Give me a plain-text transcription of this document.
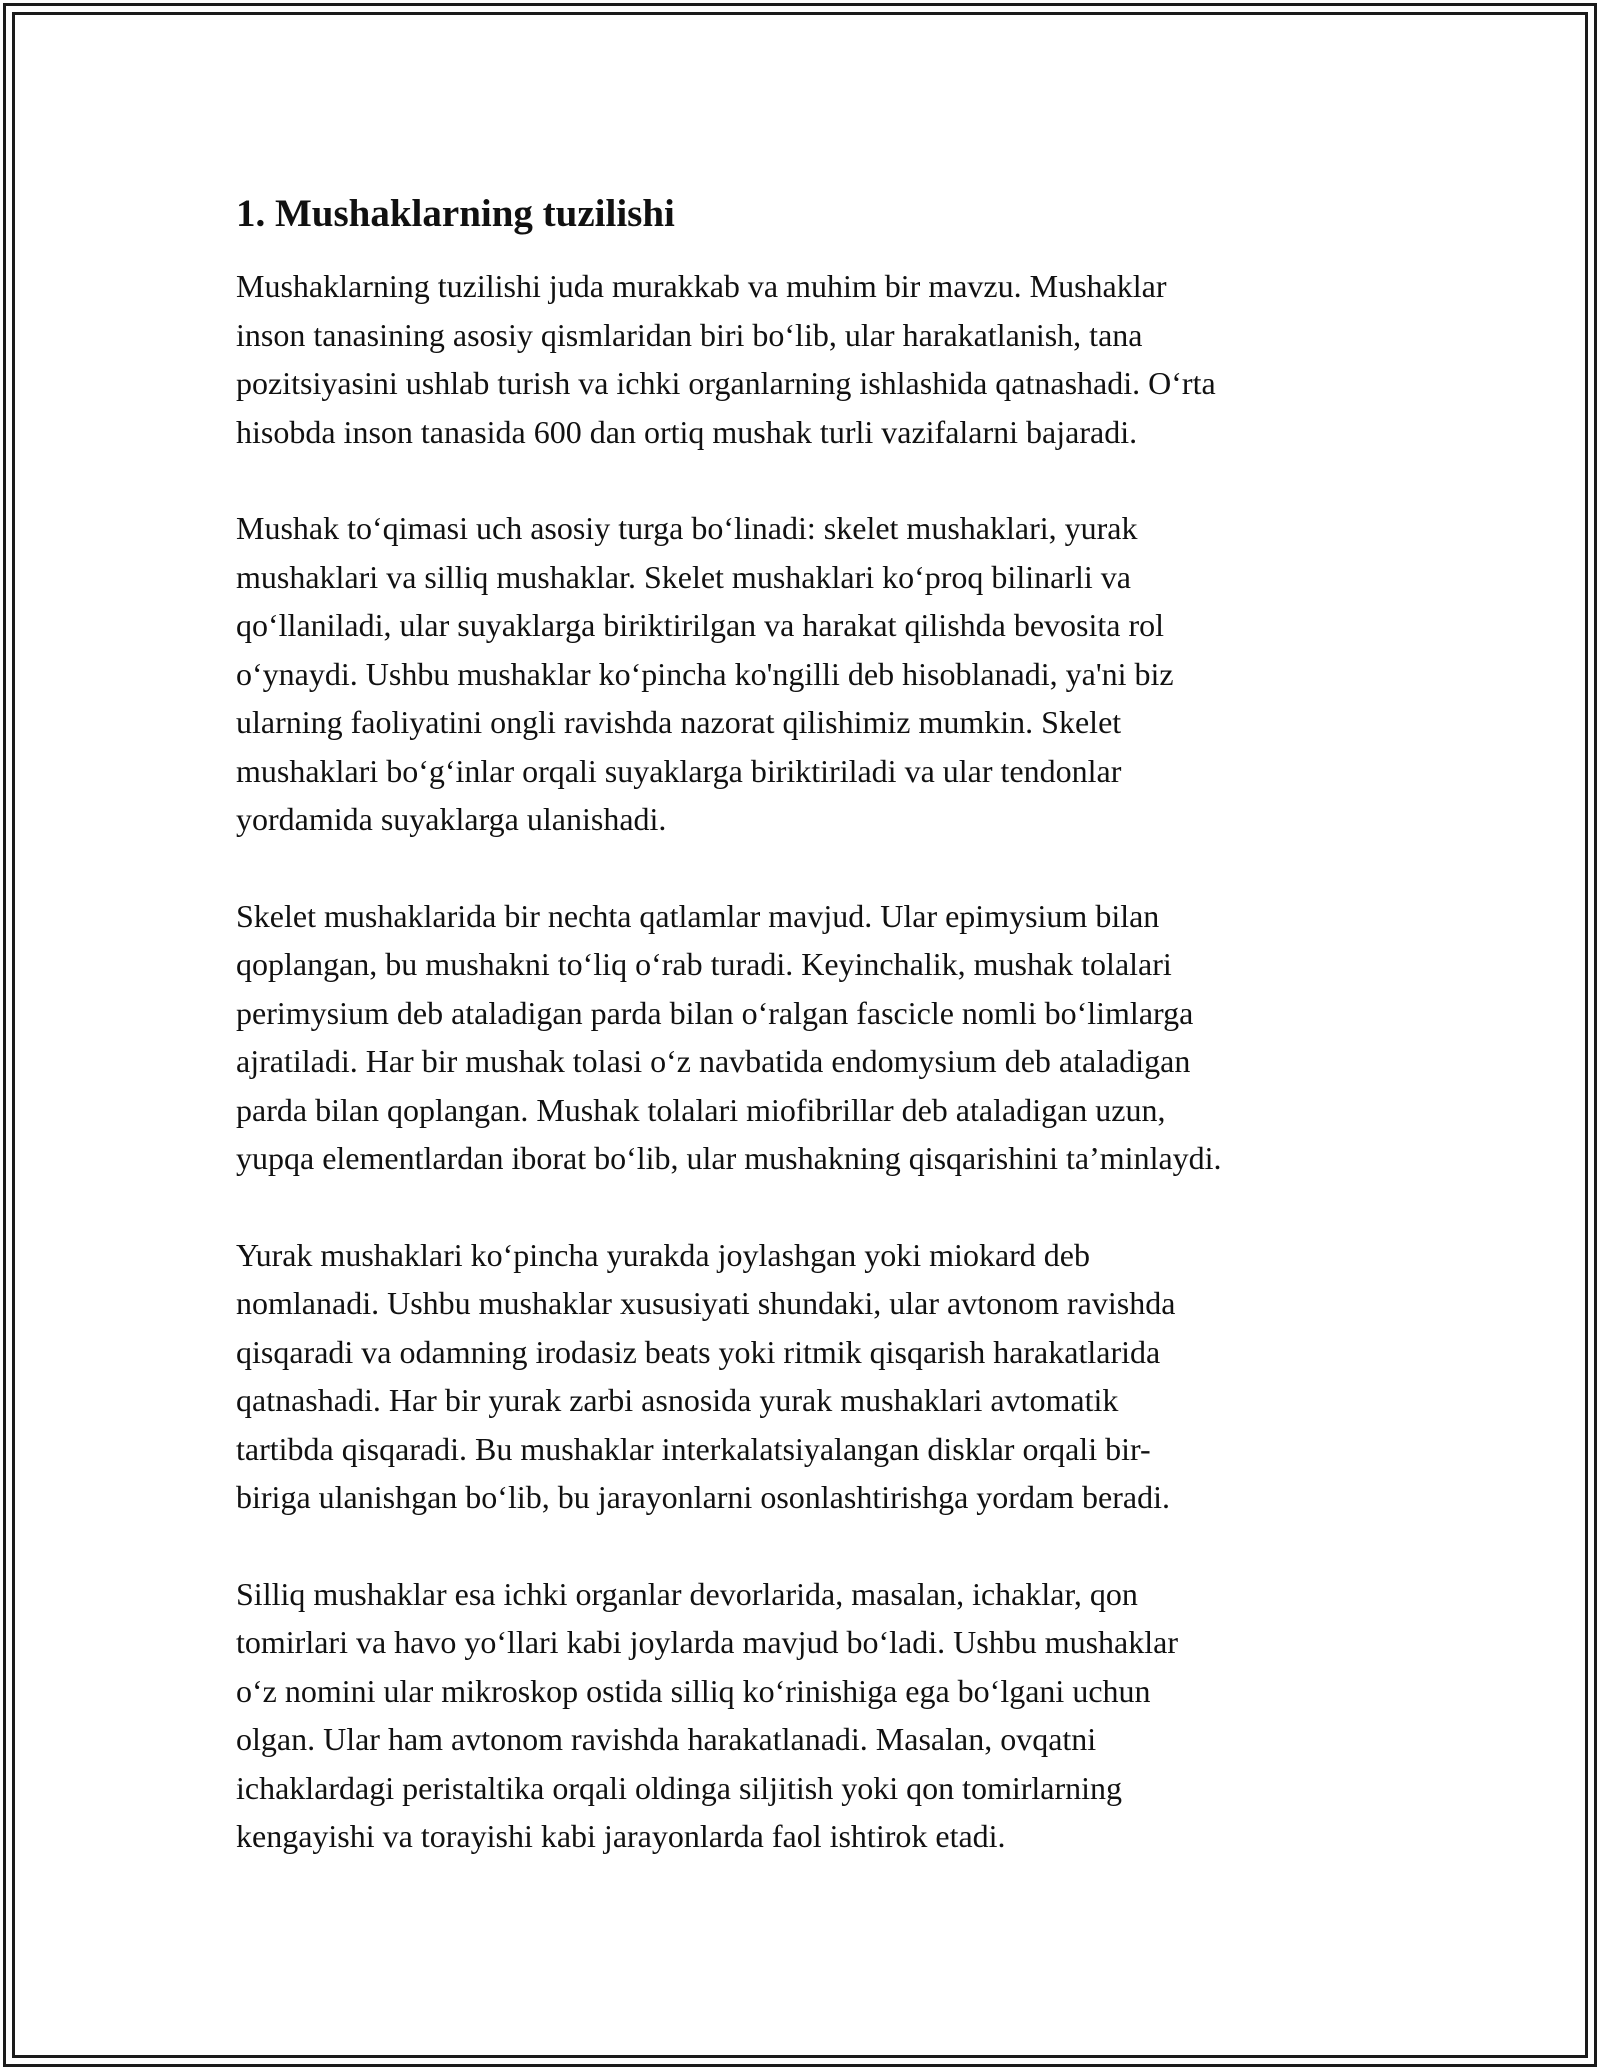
1. Mushaklarning tuzilishi

Mushaklarning tuzilishi juda murakkab va muhim bir mavzu. Mushaklar
inson tanasining asosiy qismlaridan biri bo‘lib, ular harakatlanish, tana
pozitsiyasini ushlab turish va ichki organlarning ishlashida qatnashadi. O‘rta
hisobda inson tanasida 600 dan ortiq mushak turli vazifalarni bajaradi.

Mushak to‘qimasi uch asosiy turga bo‘linadi: skelet mushaklari, yurak
mushaklari va silliq mushaklar. Skelet mushaklari ko‘proq bilinarli va
qo‘llaniladi, ular suyaklarga biriktirilgan va harakat qilishda bevosita rol
o‘ynaydi. Ushbu mushaklar ko‘pincha ko'ngilli deb hisoblanadi, ya'ni biz
ularning faoliyatini ongli ravishda nazorat qilishimiz mumkin. Skelet
mushaklari bo‘g‘inlar orqali suyaklarga biriktiriladi va ular tendonlar
yordamida suyaklarga ulanishadi.

Skelet mushaklarida bir nechta qatlamlar mavjud. Ular epimysium bilan
qoplangan, bu mushakni to‘liq o‘rab turadi. Keyinchalik, mushak tolalari
perimysium deb ataladigan parda bilan o‘ralgan fascicle nomli bo‘limlarga
ajratiladi. Har bir mushak tolasi o‘z navbatida endomysium deb ataladigan
parda bilan qoplangan. Mushak tolalari miofibrillar deb ataladigan uzun,
yupqa elementlardan iborat bo‘lib, ular mushakning qisqarishini ta’minlaydi.

Yurak mushaklari ko‘pincha yurakda joylashgan yoki miokard deb
nomlanadi. Ushbu mushaklar xususiyati shundaki, ular avtonom ravishda
qisqaradi va odamning irodasiz beats yoki ritmik qisqarish harakatlarida
qatnashadi. Har bir yurak zarbi asnosida yurak mushaklari avtomatik
tartibda qisqaradi. Bu mushaklar interkalatsiyalangan disklar orqali bir-
biriga ulanishgan bo‘lib, bu jarayonlarni osonlashtirishga yordam beradi.

Silliq mushaklar esa ichki organlar devorlarida, masalan, ichaklar, qon
tomirlari va havo yo‘llari kabi joylarda mavjud bo‘ladi. Ushbu mushaklar
o‘z nomini ular mikroskop ostida silliq ko‘rinishiga ega bo‘lgani uchun
olgan. Ular ham avtonom ravishda harakatlanadi. Masalan, ovqatni
ichaklardagi peristaltika orqali oldinga siljitish yoki qon tomirlarning
kengayishi va torayishi kabi jarayonlarda faol ishtirok etadi.
